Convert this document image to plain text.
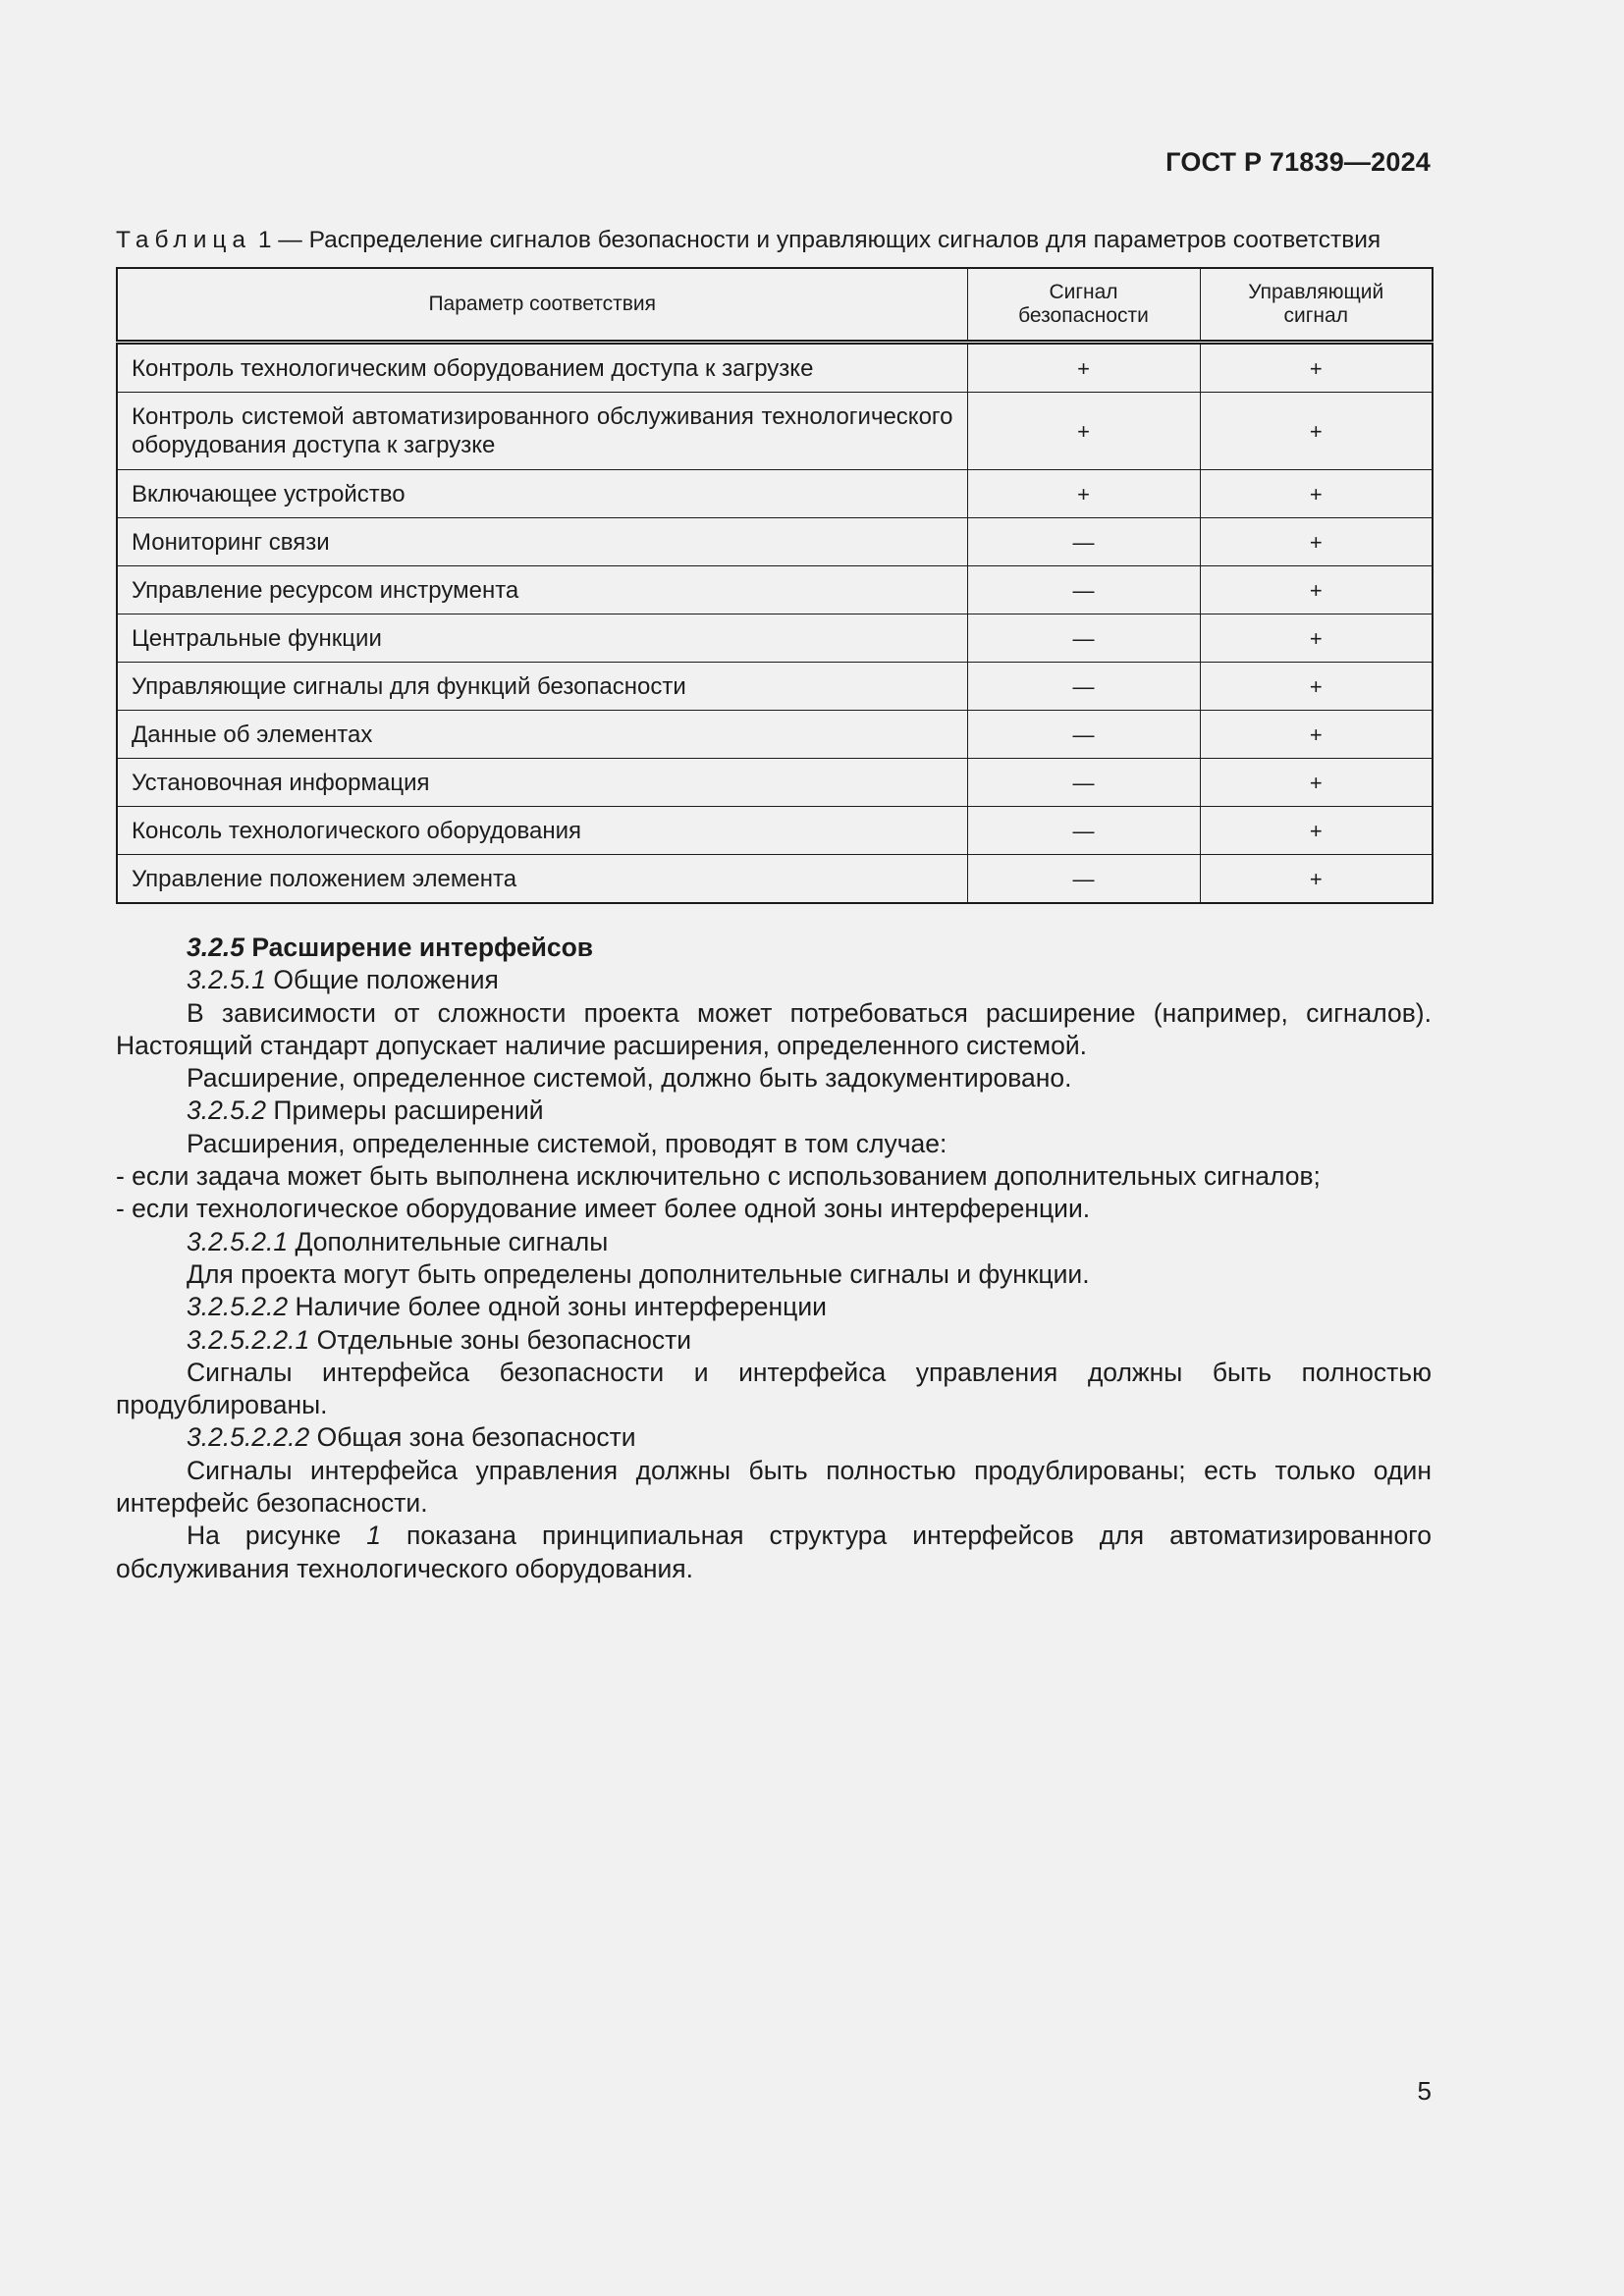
ГОСТ Р 71839—2024
Таблица 1 — Распределение сигналов безопасности и управляющих сигналов для параметров соответствия
Параметр соответствия	Сигнал безопасности	Управляющий сигнал
Контроль технологическим оборудованием доступа к загрузке	+	+
Контроль системой автоматизированного обслуживания технологического оборудования доступа к загрузке	+	+
Включающее устройство	+	+
Мониторинг связи	—	+
Управление ресурсом инструмента	—	+
Центральные функции	—	+
Управляющие сигналы для функций безопасности	—	+
Данные об элементах	—	+
Установочная информация	—	+
Консоль технологического оборудования	—	+
Управление положением элемента	—	+

3.2.5 Расширение интерфейсов

3.2.5.1 Общие положения

В зависимости от сложности проекта может потребоваться расширение (например, сигналов). Настоящий стандарт допускает наличие расширения, определенного системой.

Расширение, определенное системой, должно быть задокументировано.

3.2.5.2 Примеры расширений

Расширения, определенные системой, проводят в том случае:

- если задача может быть выполнена исключительно с использованием дополнительных сигналов;

- если технологическое оборудование имеет более одной зоны интерференции.

3.2.5.2.1 Дополнительные сигналы

Для проекта могут быть определены дополнительные сигналы и функции.

3.2.5.2.2 Наличие более одной зоны интерференции

3.2.5.2.2.1 Отдельные зоны безопасности

Сигналы интерфейса безопасности и интерфейса управления должны быть полностью продублированы.

3.2.5.2.2.2 Общая зона безопасности

Сигналы интерфейса управления должны быть полностью продублированы; есть только один интерфейс безопасности.

На рисунке 1 показана принципиальная структура интерфейсов для автоматизированного обслуживания технологического оборудования.

5
